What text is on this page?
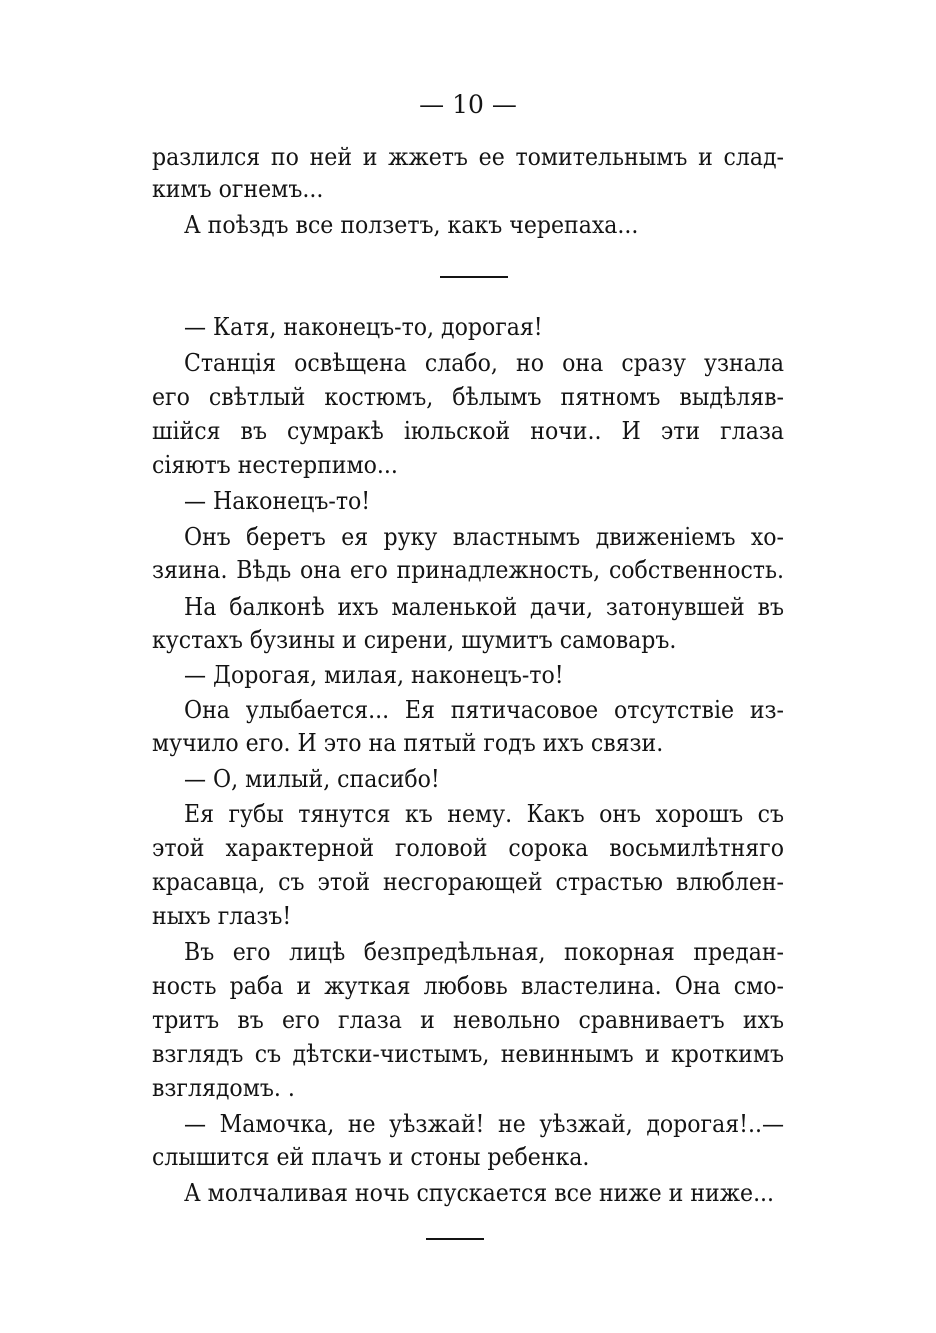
— 10 —
разлился по ней и жжетъ ее томительнымъ и слад-
кимъ огнемъ...
А поѣздъ все ползетъ, какъ черепаха...
— Катя, наконецъ-то, дорогая!
Станція освѣщена слабо, но она сразу узнала
его свѣтлый костюмъ, бѣлымъ пятномъ выдѣляв-
шійся въ сумракѣ іюльской ночи.. И эти глаза
сіяютъ нестерпимо...
— Наконецъ-то!
Онъ беретъ ея руку властнымъ движеніемъ хо-
зяина. Вѣдь она его принадлежность, собственность.
На балконѣ ихъ маленькой дачи, затонувшей въ
кустахъ бузины и сирени, шумитъ самоваръ.
— Дорогая, милая, наконецъ-то!
Она улыбается... Ея пятичасовое отсутствіе из-
мучило его. И это на пятый годъ ихъ связи.
— О, милый, спасибо!
Ея губы тянутся къ нему. Какъ онъ хорошъ съ
этой характерной головой сорока восьмилѣтняго
красавца, съ этой несгорающей страстью влюблен-
ныхъ глазъ!
Въ его лицѣ безпредѣльная, покорная предан-
ность раба и жуткая любовь властелина. Она смо-
тритъ въ его глаза и невольно сравниваетъ ихъ
взглядъ съ дѣтски-чистымъ, невиннымъ и кроткимъ
взглядомъ. .
— Мамочка, не уѣзжай! не уѣзжай, дорогая!..—
слышится ей плачъ и стоны ребенка.
А молчаливая ночь спускается все ниже и ниже...
